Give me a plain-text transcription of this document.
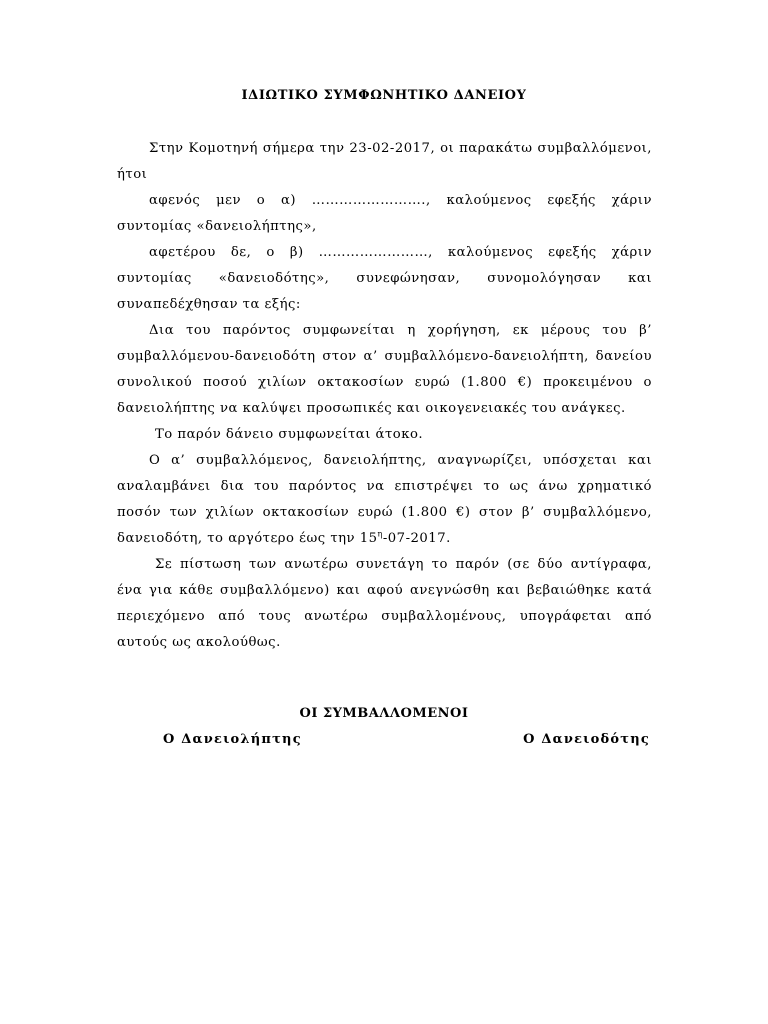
ΙΔΙΩΤΙΚΟ ΣΥΜΦΩΝΗΤΙΚΟ ΔΑΝΕΙΟΥ

Στην Κομοτηνή σήμερα την 23-02-2017, οι παρακάτω συμβαλλόμενοι, ήτοι

αφενός μεν ο α) ……………………., καλούμενος εφεξής χάριν συντομίας «δανειολήπτης»,

αφετέρου δε, ο β) ……………………, καλούμενος εφεξής χάριν συντομίας «δανειοδότης», συνεφώνησαν, συνομολόγησαν και συναπεδέχθησαν τα εξής:

Δια του παρόντος συμφωνείται η χορήγηση, εκ μέρους του β’ συμβαλλόμενου-δανειοδότη στον α’ συμβαλλόμενο-δανειολήπτη, δανείου συνολικού ποσού χιλίων οκτακοσίων ευρώ (1.800 €) προκειμένου ο δανειολήπτης να καλύψει προσωπικές και οικογενειακές του ανάγκες.

Το παρόν δάνειο συμφωνείται άτοκο.

Ο α’ συμβαλλόμενος, δανειολήπτης, αναγνωρίζει, υπόσχεται και αναλαμβάνει δια του παρόντος να επιστρέψει το ως άνω χρηματικό ποσόν των χιλίων οκτακοσίων ευρώ (1.800 €) στον β’ συμβαλλόμενο, δανειοδότη, το αργότερο έως την $15^\eta-07-2017$.

Σε πίστωση των ανωτέρω συνετάγη το παρόν (σε δύο αντίγραφα, ένα για κάθε συμβαλλόμενο) και αφού ανεγνώσθη και βεβαιώθηκε κατά περιεχόμενο από τους ανωτέρω συμβαλλομένους, υπογράφεται από αυτούς ως ακολούθως.

ΟΙ ΣΥΜΒΑΛΛΟΜΕΝΟΙ
Ο Δανειολήπτης	Ο Δανειοδότης
